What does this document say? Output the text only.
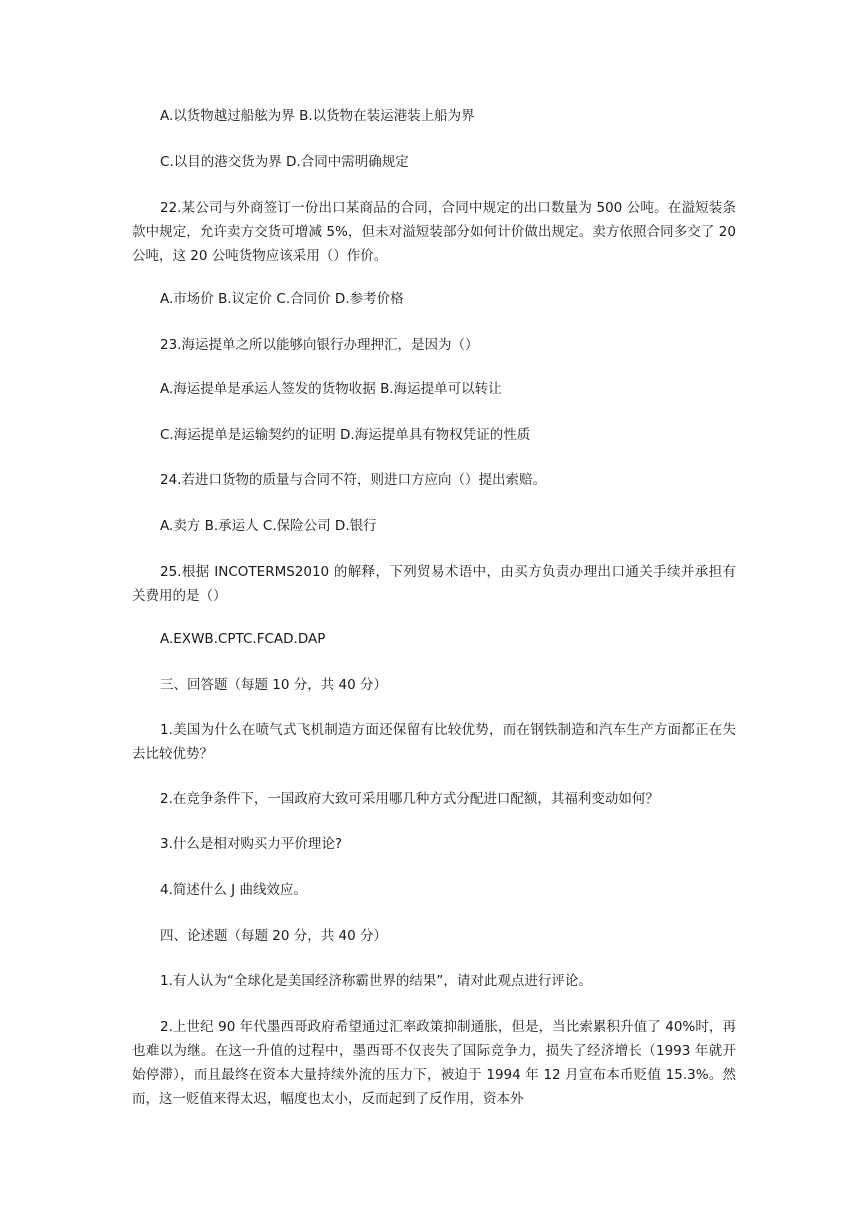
A.以货物越过船舷为界 B.以货物在装运港装上船为界

C.以目的港交货为界 D.合同中需明确规定

22.某公司与外商签订一份出口某商品的合同，合同中规定的出口数量为 500 公吨。在溢短装条款中规定，允许卖方交货可增减 5%，但未对溢短装部分如何计价做出规定。卖方依照合同多交了 20 公吨，这 20 公吨货物应该采用（）作价。

A.市场价 B.议定价 C.合同价 D.参考价格

23.海运提单之所以能够向银行办理押汇，是因为（）

A.海运提单是承运人签发的货物收据 B.海运提单可以转让

C.海运提单是运输契约的证明 D.海运提单具有物权凭证的性质

24.若进口货物的质量与合同不符，则进口方应向（）提出索赔。

A.卖方 B.承运人 C.保险公司 D.银行

25.根据 INCOTERMS2010 的解释，下列贸易术语中，由买方负责办理出口通关手续并承担有关费用的是（）

A.EXWB.CPTC.FCAD.DAP

三、回答题（每题 10 分，共 40 分）

1.美国为什么在喷气式飞机制造方面还保留有比较优势，而在钢铁制造和汽车生产方面都正在失去比较优势？

2.在竞争条件下，一国政府大致可采用哪几种方式分配进口配额，其福利变动如何？

3.什么是相对购买力平价理论?

4.简述什么 J 曲线效应。

四、论述题（每题 20 分，共 40 分）

1.有人认为“全球化是美国经济称霸世界的结果”，请对此观点进行评论。

2.上世纪 90 年代墨西哥政府希望通过汇率政策抑制通胀，但是，当比索累积升值了 40%时，再也难以为继。在这一升值的过程中，墨西哥不仅丧失了国际竞争力，损失了经济增长（1993 年就开始停滞），而且最终在资本大量持续外流的压力下，被迫于 1994 年 12 月宣布本币贬值 15.3%。然而，这一贬值来得太迟，幅度也太小，反而起到了反作用，资本外
